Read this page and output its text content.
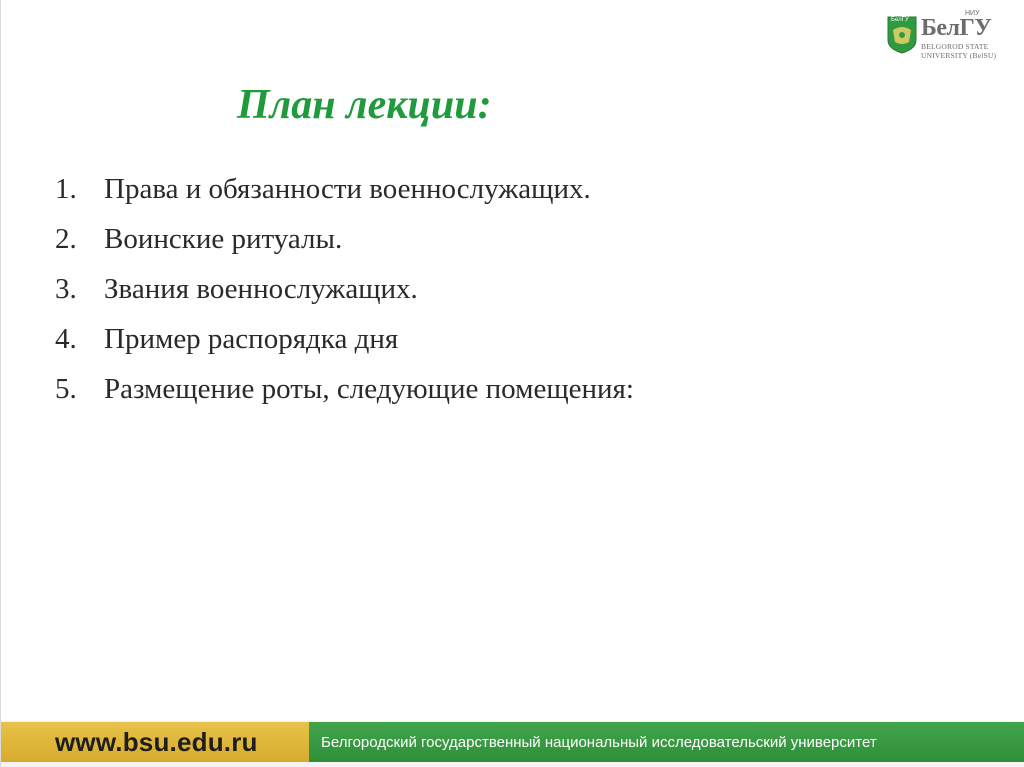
БелГУ БелГУ
НИУ
BELGOROD STATE
UNIVERSITY (BelSU)
План лекции:
1. Права и обязанности военнослужащих.
2. Воинские ритуалы.
3. Звания военнослужащих.
4. Пример распорядка дня
5. Размещение роты, следующие помещения:
www.bsu.edu.ru	Белгородский государственный национальный исследовательский университет
